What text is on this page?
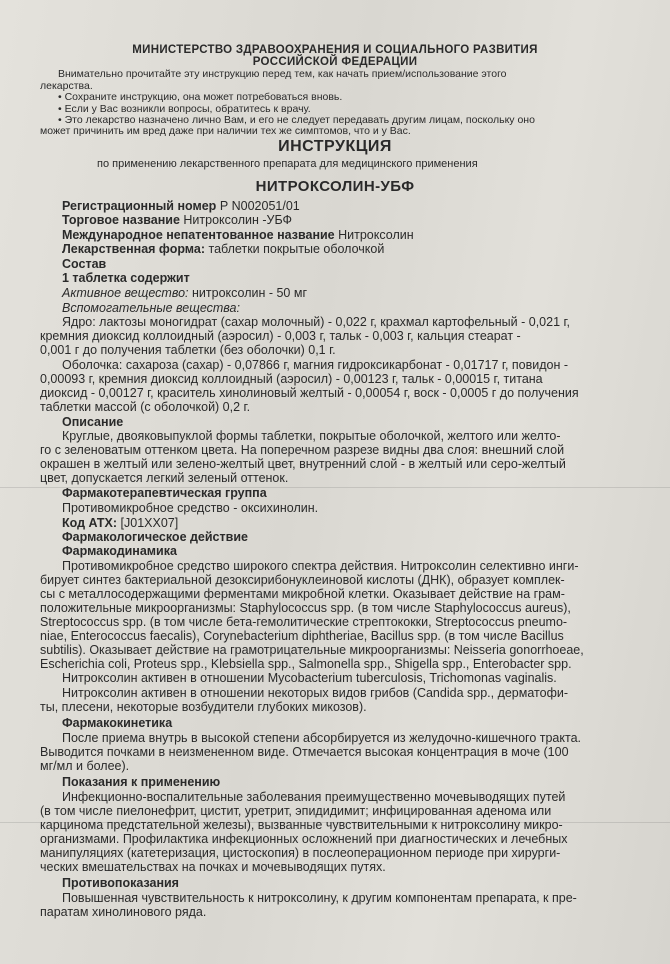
МИНИСТЕРСТВО ЗДРАВООХРАНЕНИЯ И СОЦИАЛЬНОГО РАЗВИТИЯ
РОССИЙСКОЙ ФЕДЕРАЦИИ
Внимательно прочитайте эту инструкцию перед тем, как начать прием/использование этого
лекарства.
• Сохраните инструкцию, она может потребоваться вновь.
• Если у Вас возникли вопросы, обратитесь к врачу.
• Это лекарство назначено лично Вам, и его не следует передавать другим лицам, поскольку оно
может причинить им вред даже при наличии тех же симптомов, что и у Вас.
ИНСТРУКЦИЯ
по применению лекарственного препарата для медицинского применения
НИТРОКСОЛИН-УБФ
Регистрационный номер Р N002051/01
Торговое название Нитроксолин -УБФ
Международное непатентованное название Нитроксолин
Лекарственная форма: таблетки покрытые оболочкой
Состав
1 таблетка содержит
Активное вещество: нитроксолин - 50 мг
Вспомогательные вещества:
Ядро: лактозы моногидрат (сахар молочный) - 0,022 г, крахмал картофельный - 0,021 г,
кремния диоксид коллоидный (аэросил) - 0,003 г, тальк - 0,003 г, кальция стеарат -
0,001 г до получения таблетки (без оболочки) 0,1 г.
Оболочка: сахароза (сахар) - 0,07866 г, магния гидроксикарбонат - 0,01717 г, повидон -
0,00093 г, кремния диоксид коллоидный (аэросил) - 0,00123 г, тальк - 0,00015 г, титана
диоксид - 0,00127 г, краситель хинолиновый желтый - 0,00054 г, воск - 0,0005 г до получения
таблетки массой (с оболочкой) 0,2 г.
Описание
Круглые, двояковыпуклой формы таблетки, покрытые оболочкой, желтого или желто-
го с зеленоватым оттенком цвета. На поперечном разрезе видны два слоя: внешний слой
окрашен в желтый или зелено-желтый цвет, внутренний слой - в желтый или серо-желтый
цвет, допускается легкий зеленый оттенок.
Фармакотерапевтическая группа
Противомикробное средство - оксихинолин.
Код АТХ: [J01XX07]
Фармакологическое действие
Фармакодинамика
Противомикробное средство широкого спектра действия. Нитроксолин селективно инги-
бирует синтез бактериальной дезоксирибонуклеиновой кислоты (ДНК), образует комплек-
сы с металлосодержащими ферментами микробной клетки. Оказывает действие на грам-
положительные микроорганизмы: Staphylococcus spp. (в том числе Staphylococcus aureus),
Streptococcus spp. (в том числе бета-гемолитические стрептококки, Streptococcus pneumo-
niae, Enterococcus faecalis), Corynebacterium diphtheriae, Bacillus spp. (в том числе Bacillus
subtilis). Оказывает действие на грамотрицательные микроорганизмы: Neisseria gonorrhoeae,
Escherichia coli, Proteus spp., Klebsiella spp., Salmonella spp., Shigella spp., Enterobacter spp.
Нитроксолин активен в отношении Mycobacterium tuberculosis, Trichomonas vaginalis.
Нитроксолин активен в отношении некоторых видов грибов (Candida spp., дерматофи-
ты, плесени, некоторые возбудители глубоких микозов).
Фармакокинетика
После приема внутрь в высокой степени абсорбируется из желудочно-кишечного тракта.
Выводится почками в неизмененном виде. Отмечается высокая концентрация в моче (100
мг/мл и более).
Показания к применению
Инфекционно-воспалительные заболевания преимущественно мочевыводящих путей
(в том числе пиелонефрит, цистит, уретрит, эпидидимит; инфицированная аденома или
карцинома предстательной железы), вызванные чувствительными к нитроксолину микро-
организмами. Профилактика инфекционных осложнений при диагностических и лечебных
манипуляциях (катетеризация, цистоскопия) в послеоперационном периоде при хирурги-
ческих вмешательствах на почках и мочевыводящих путях.
Противопоказания
Повышенная чувствительность к нитроксолину, к другим компонентам препарата, к пре-
паратам хинолинового ряда.
